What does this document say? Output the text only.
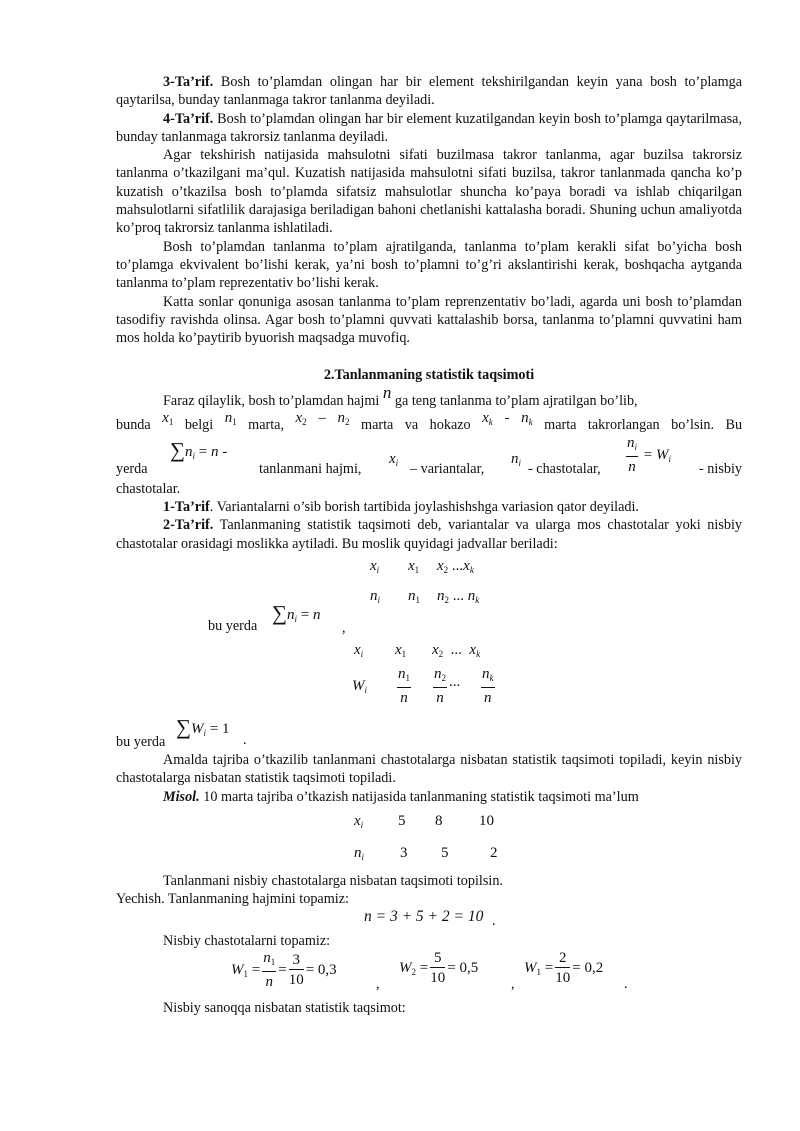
3-Ta’rif. Bosh to’plamdan olingan har bir element tekshirilgandan keyin yana bosh to’plamga qaytarilsa, bunday tanlanmaga takror tanlanma deyiladi.

4-Ta’rif. Bosh to’plamdan olingan har bir element kuzatilgandan keyin bosh to’plamga qaytarilmasa, bunday tanlanmaga takrorsiz tanlanma deyiladi.

Agar tekshirish natijasida mahsulotni sifati buzilmasa takror tanlanma, agar buzilsa takrorsiz tanlanma o’tkazilgani ma’qul. Kuzatish natijasida mahsulotni sifati buzilsa, takror tanlanmada qancha ko’p kuzatish o’tkazilsa bosh to’plamda sifatsiz mahsulotlar shuncha ko’paya boradi va ishlab chiqarilgan mahsulotlarni sifatlilik darajasiga beriladigan bahoni chetlanishi kattalasha boradi. Shuning uchun amaliyotda ko’proq takrorsiz tanlanma ishlatiladi.

Bosh to’plamdan tanlanma to’plam ajratilganda, tanlanma to’plam kerakli sifat bo’yicha bosh to’plamga ekvivalent bo’lishi kerak, ya’ni bosh to’plamni to’g’ri akslantirishi kerak, boshqacha aytganda tanlanma to’plam reprezentativ bo’lishi kerak.

Katta sonlar qonuniga asosan tanlanma to’plam reprenzentativ bo’ladi, agarda uni bosh to’plamdan tasodifiy ravishda olinsa. Agar bosh to’plamni quvvati kattalashib borsa, tanlanma to’plamni quvvatini ham mos holda ko’paytirib byuorish maqsadga muvofiq.

2.Tanlanmaning statistik taqsimoti

Faraz qilaylik, bosh to’plamdan hajmi n ga teng tanlanma to’plam ajratilgan bo’lib,

bunda $x_1$ belgi $n_1$ marta, $x_2 - n_2$ marta va hokazo $x_k - n_k$ marta takrorlangan bo’lsin. Bu

yerda
$\sum n_i = n$ -
tanlanmani hajmi,
$x_i$ – variantalar,
$n_i$ - chastotalar, $\frac{n_i}{n} = W_i$
- nisbiy

chastotalar.

1-Ta’rif. Variantalarni o’sib borish tartibida joylashishshga variasion qator deyiladi.

2-Ta’rif. Tanlanmaning statistik taqsimoti deb, variantalar va ularga mos chastotalar yoki nisbiy chastotalar orasidagi moslikka aytiladi. Bu moslik quyidagi jadvallar beriladi:

$x_i$ $x_1$ $x_2$ $...x_k$
$n_i$ $n_1$ $n_2$ ... $n_k$
bu yerda
$\sum n_i = n$
,
$x_i$ $x_1$ $x_2$  ...  $x_k$
$W_i \frac{n_1}{n} \frac{n_2}{n}$ ... $\frac{n_k}{n}$
bu yerda
$\sum W_i = 1$
.

Amalda tajriba o’tkazilib tanlanmani chastotalarga nisbatan statistik taqsimoti topiladi, keyin nisbiy chastotalarga nisbatan statistik taqsimoti topiladi.

Misol. 10 marta tajriba o’tkazish natijasida tanlanmaning statistik taqsimoti ma’lum

$x_i$ 5 8 10
$n_i$ 3 5	2

Tanlanmani nisbiy chastotalarga nisbatan taqsimoti topilsin.

Yechish. Tanlanmaning hajmini topamiz:

n = 3 + 5 + 2 = 10 .

Nisbiy chastotalarni topamiz:

$W_1 = \frac{n_1}{n} = \frac{3}{10} = 0,3$
,
$W_2 = \frac{5}{10} = 0,5$
,
$W_1 = \frac{2}{10} = 0,2$
.

Nisbiy sanoqqa nisbatan statistik taqsimot:
